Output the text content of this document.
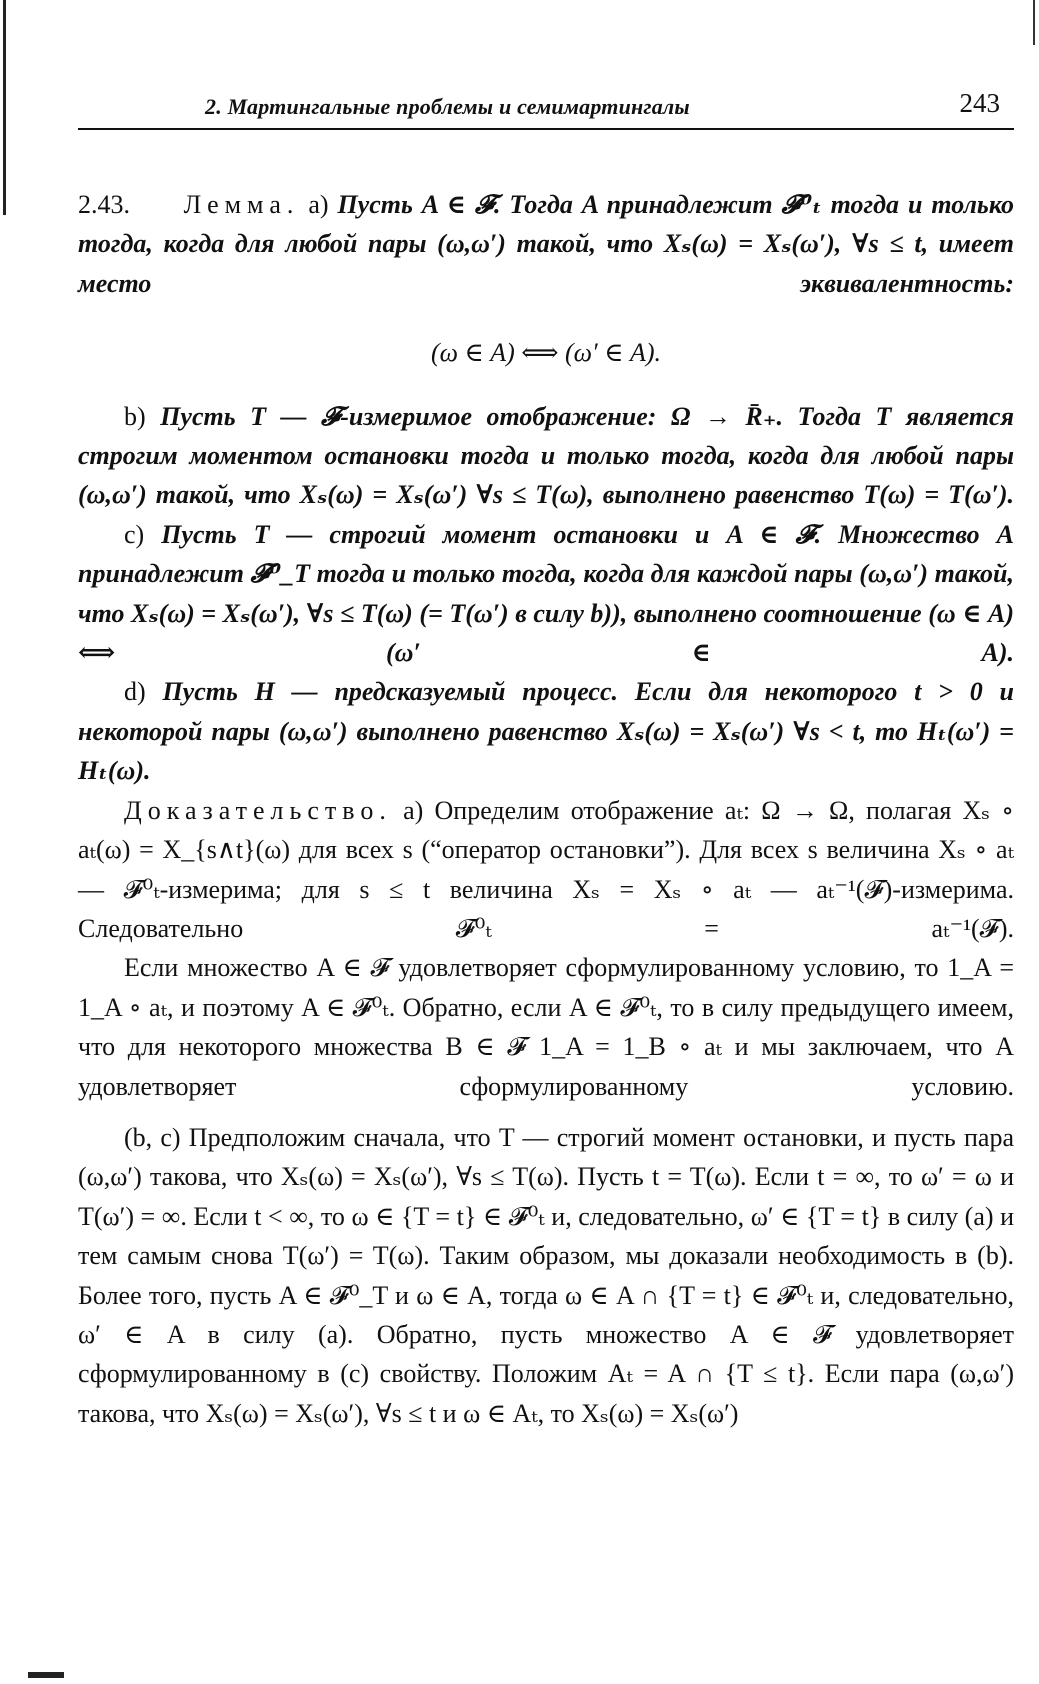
2. Мартингальные проблемы и семимартингалы	243

2.43. Лемма. a) Пусть A ∈ 𝓕. Тогда A принадлежит 𝓕⁰ₜ тогда и только тогда, когда для любой пары (ω,ω′) такой, что Xₛ(ω) = Xₛ(ω′), ∀s ≤ t, имеет место эквивалентность:

(ω ∈ A) ⟺ (ω′ ∈ A).

b) Пусть T — 𝓕-измеримое отображение: Ω → R̄₊. Тогда T является строгим моментом остановки тогда и только тогда, когда для любой пары (ω,ω′) такой, что Xₛ(ω) = Xₛ(ω′) ∀s ≤ T(ω), выполнено равенство T(ω) = T(ω′).

c) Пусть T — строгий момент остановки и A ∈ 𝓕. Множество A принадлежит 𝓕⁰_T тогда и только тогда, когда для каждой пары (ω,ω′) такой, что Xₛ(ω) = Xₛ(ω′), ∀s ≤ T(ω) (= T(ω′) в силу b)), выполнено соотношение (ω ∈ A) ⟺ (ω′ ∈ A).

d) Пусть H — предсказуемый процесс. Если для некоторого t > 0 и некоторой пары (ω,ω′) выполнено равенство Xₛ(ω) = Xₛ(ω′) ∀s < t, то Hₜ(ω′) = Hₜ(ω).

Доказательство. a) Определим отображение aₜ: Ω → Ω, полагая Xₛ ∘ aₜ(ω) = X_{s∧t}(ω) для всех s (“оператор остановки”). Для всех s величина Xₛ ∘ aₜ — 𝓕⁰ₜ-измерима; для s ≤ t величина Xₛ = Xₛ ∘ aₜ — aₜ⁻¹(𝓕)-измерима. Следовательно 𝓕⁰ₜ = aₜ⁻¹(𝓕).

Если множество A ∈ 𝓕 удовлетворяет сформулированному условию, то 1_A = 1_A ∘ aₜ, и поэтому A ∈ 𝓕⁰ₜ. Обратно, если A ∈ 𝓕⁰ₜ, то в силу предыдущего имеем, что для некоторого множества B ∈ 𝓕 1_A = 1_B ∘ aₜ и мы заключаем, что A удовлетворяет сформулированному условию.

(b, c) Предположим сначала, что T — строгий момент остановки, и пусть пара (ω,ω′) такова, что Xₛ(ω) = Xₛ(ω′), ∀s ≤ T(ω). Пусть t = T(ω). Если t = ∞, то ω′ = ω и T(ω′) = ∞. Если t < ∞, то ω ∈ {T = t} ∈ 𝓕⁰ₜ и, следовательно, ω′ ∈ {T = t} в силу (a) и тем самым снова T(ω′) = T(ω). Таким образом, мы доказали необходимость в (b). Более того, пусть A ∈ 𝓕⁰_T и ω ∈ A, тогда ω ∈ A ∩ {T = t} ∈ 𝓕⁰ₜ и, следовательно, ω′ ∈ A в силу (a). Обратно, пусть множество A ∈ 𝓕 удовлетворяет сформулированному в (c) свойству. Положим Aₜ = A ∩ {T ≤ t}. Если пара (ω,ω′) такова, что Xₛ(ω) = Xₛ(ω′), ∀s ≤ t и ω ∈ Aₜ, то Xₛ(ω) = Xₛ(ω′)
